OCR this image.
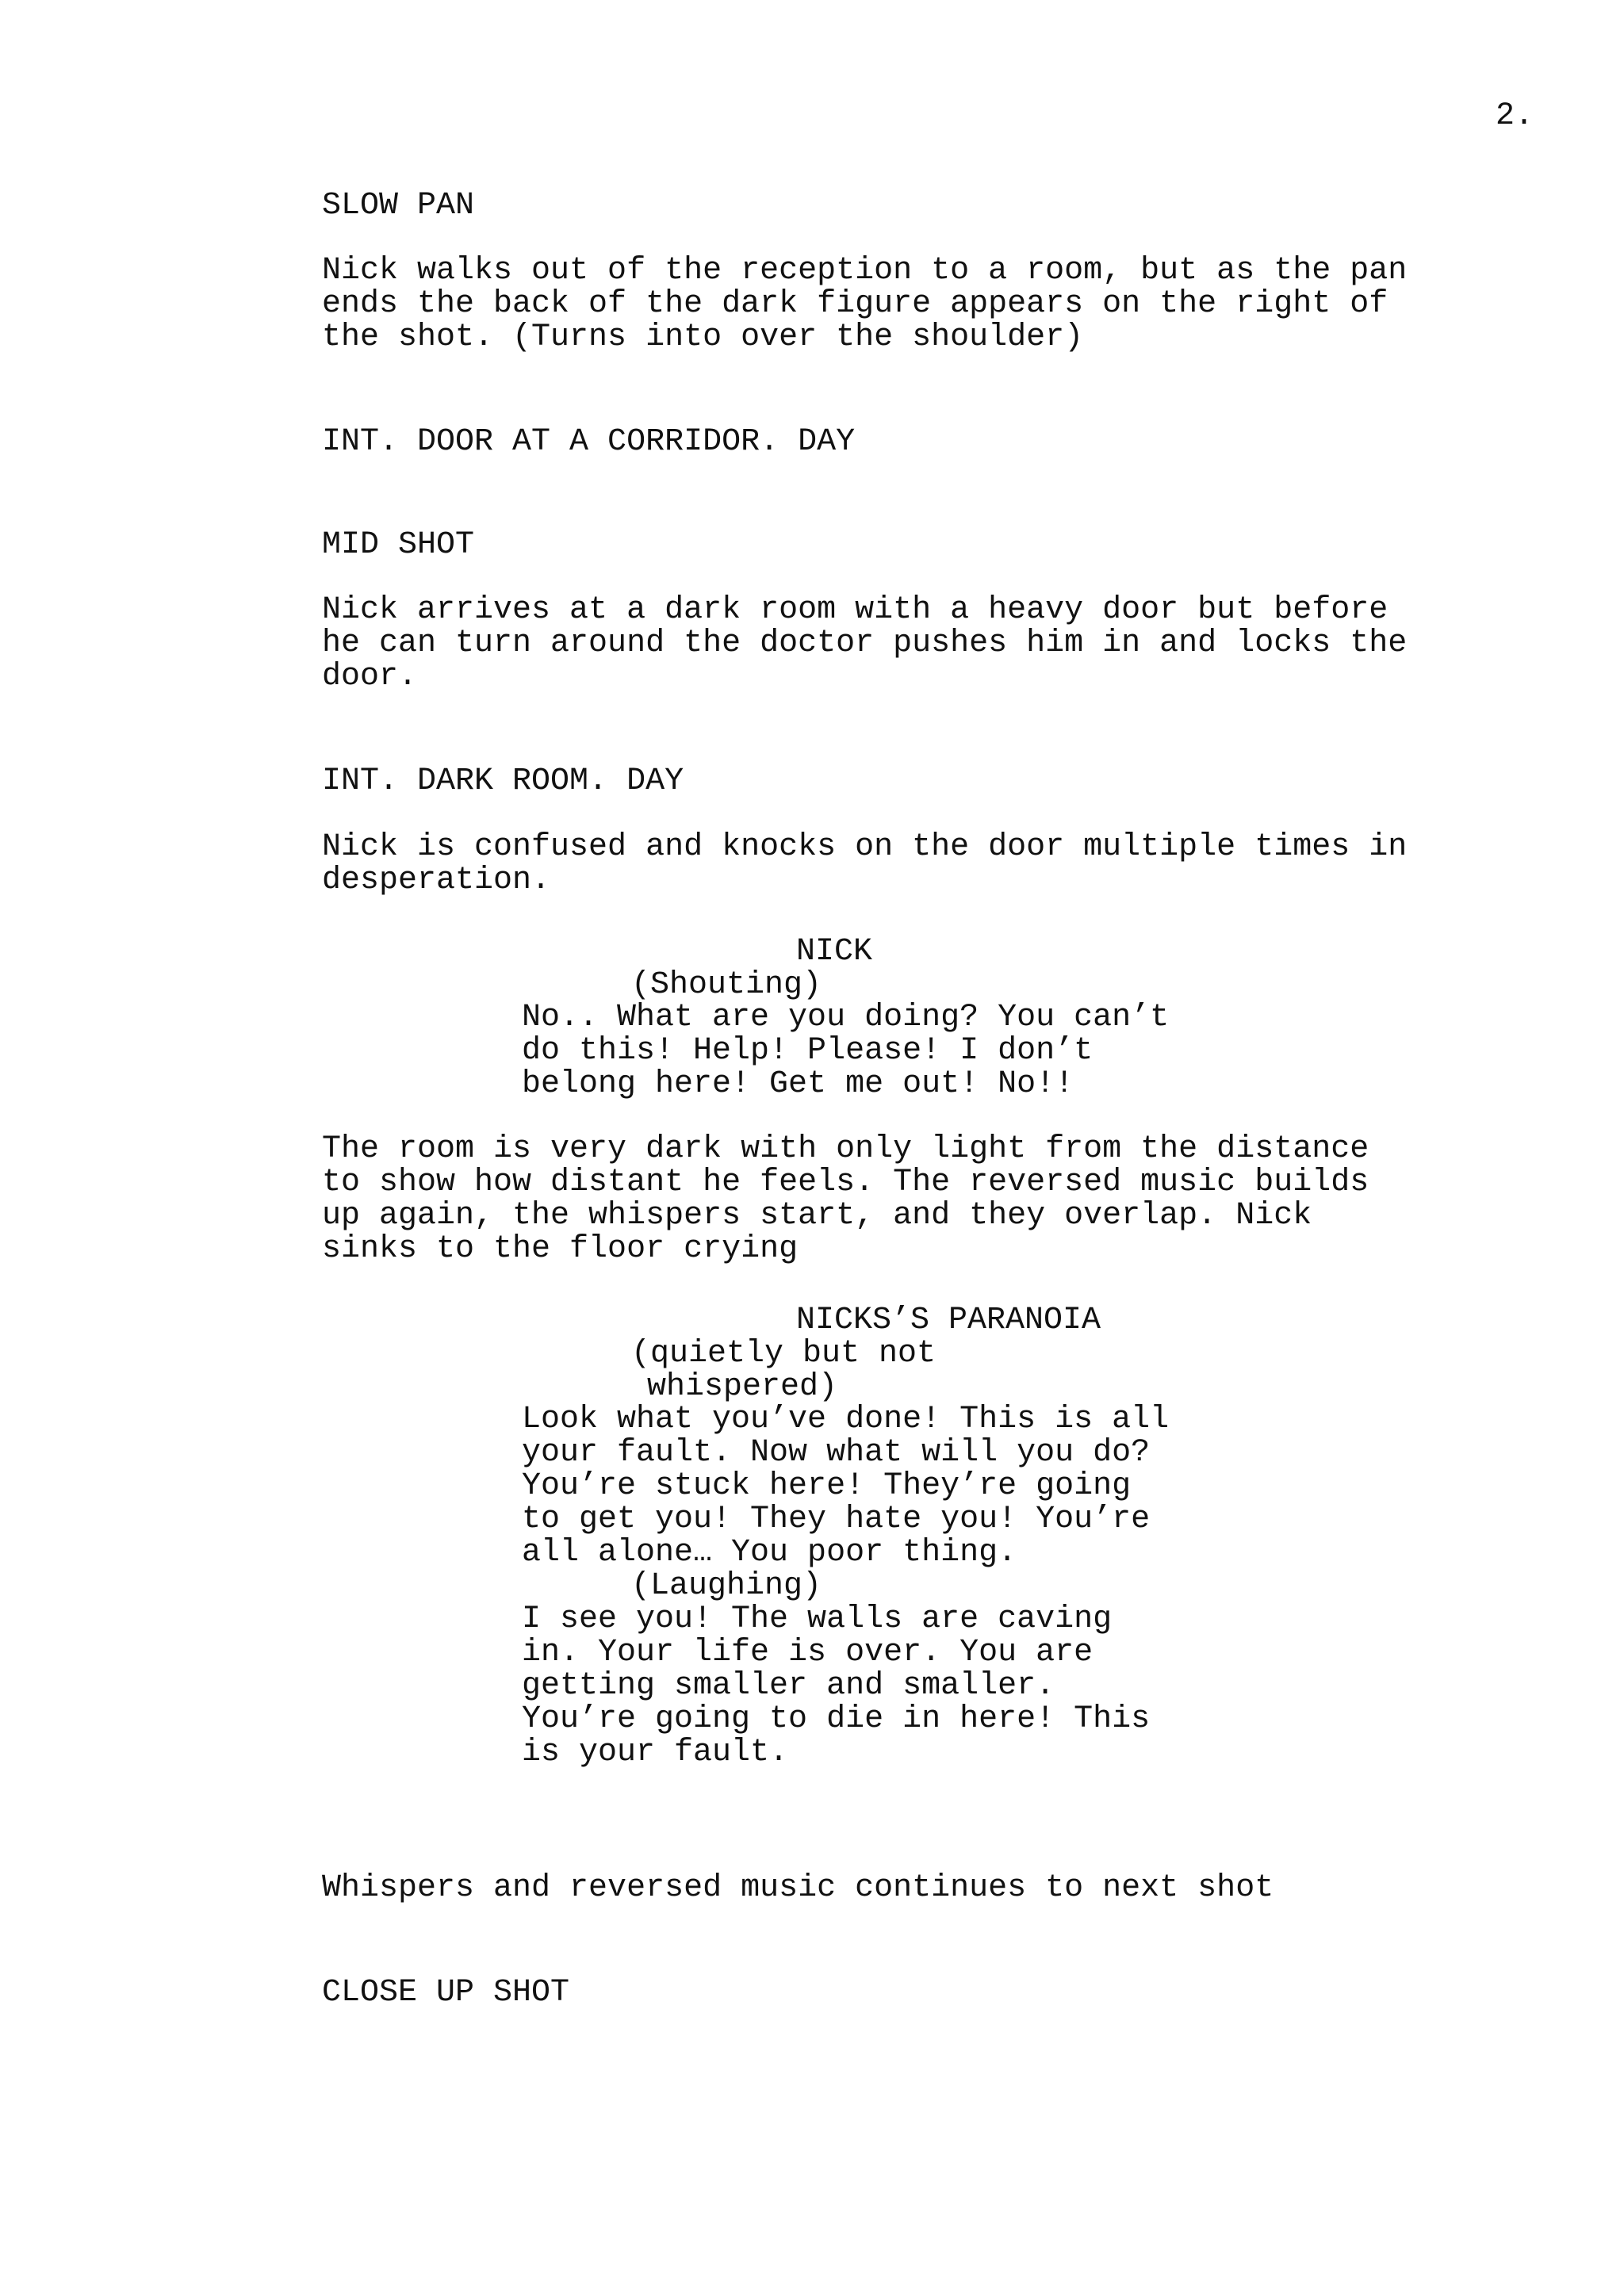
2.
SLOW PAN
Nick walks out of the reception to a room, but as the pan
ends the back of the dark figure appears on the right of
the shot. (Turns into over the shoulder)
INT. DOOR AT A CORRIDOR. DAY
MID SHOT
Nick arrives at a dark room with a heavy door but before
he can turn around the doctor pushes him in and locks the
door.
INT. DARK ROOM. DAY
Nick is confused and knocks on the door multiple times in
desperation.
NICK
(Shouting)
No.. What are you doing? You can’t
do this! Help! Please! I don’t
belong here! Get me out! No!!
The room is very dark with only light from the distance
to show how distant he feels. The reversed music builds
up again, the whispers start, and they overlap. Nick
sinks to the floor crying
NICKS’S PARANOIA
(quietly but not
whispered)
Look what you’ve done! This is all
your fault. Now what will you do?
You’re stuck here! They’re going
to get you! They hate you! You’re
all alone… You poor thing.
(Laughing)
I see you! The walls are caving
in. Your life is over. You are
getting smaller and smaller.
You’re going to die in here! This
is your fault.
Whispers and reversed music continues to next shot
CLOSE UP SHOT
